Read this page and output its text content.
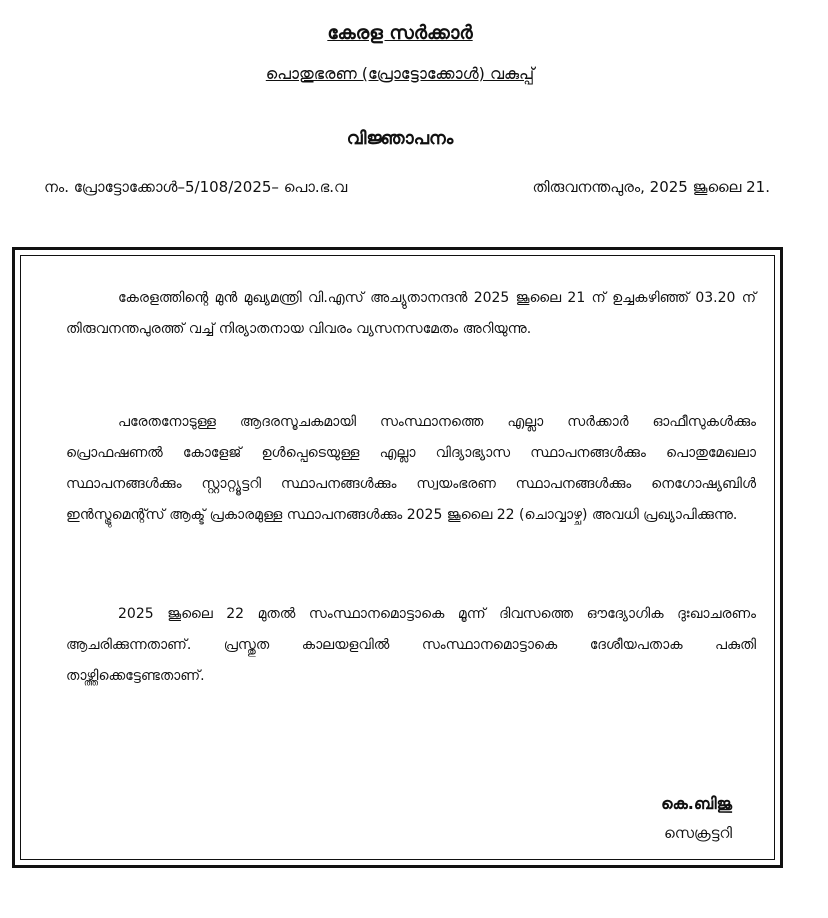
കേരള സർക്കാർ
പൊതുഭരണ (പ്രോട്ടോക്കോൾ) വകുപ്പ്
വിജ്ഞാപനം
നം. പ്രോട്ടോക്കോൾ–5/108/2025– പൊ.ഭ.വ	തിരുവനന്തപുരം, 2025 ജൂലൈ 21.

കേരളത്തിന്റെ മുൻ മുഖ്യമന്ത്രി വി.എസ് അച്യുതാനന്ദൻ 2025 ജൂലൈ 21 ന് ഉച്ചകഴിഞ്ഞ് 03.20 ന് തിരുവനന്തപുരത്ത് വച്ച് നിര്യാതനായ വിവരം വ്യസനസമേതം അറിയുന്നു.

പരേതനോടുള്ള ആദരസൂചകമായി സംസ്ഥാനത്തെ എല്ലാ സർക്കാർ ഓഫീസുകൾക്കും പ്രൊഫഷണൽ കോളേജ് ഉൾപ്പെടെയുള്ള എല്ലാ വിദ്യാഭ്യാസ സ്ഥാപനങ്ങൾക്കും പൊതുമേഖലാ സ്ഥാപനങ്ങൾക്കും സ്റ്റാറ്റ്യൂട്ടറി സ്ഥാപനങ്ങൾക്കും സ്വയംഭരണ സ്ഥാപനങ്ങൾക്കും നെഗോഷ്യബിൾ ഇൻസ്ട്രുമെന്റ്സ് ആക്ട് പ്രകാരമുള്ള സ്ഥാപനങ്ങൾക്കും 2025 ജൂലൈ 22 (ചൊവ്വാഴ്ച) അവധി പ്രഖ്യാപിക്കുന്നു.

2025 ജൂലൈ 22 മുതൽ സംസ്ഥാനമൊട്ടാകെ മൂന്ന് ദിവസത്തെ ഔദ്യോഗിക ദുഃഖാചരണം ആചരിക്കുന്നതാണ്. പ്രസ്തുത കാലയളവിൽ സംസ്ഥാനമൊട്ടാകെ ദേശീയപതാക പകുതി താഴ്ത്തിക്കെട്ടേണ്ടതാണ്.

കെ.ബിജു
സെക്രട്ടറി
